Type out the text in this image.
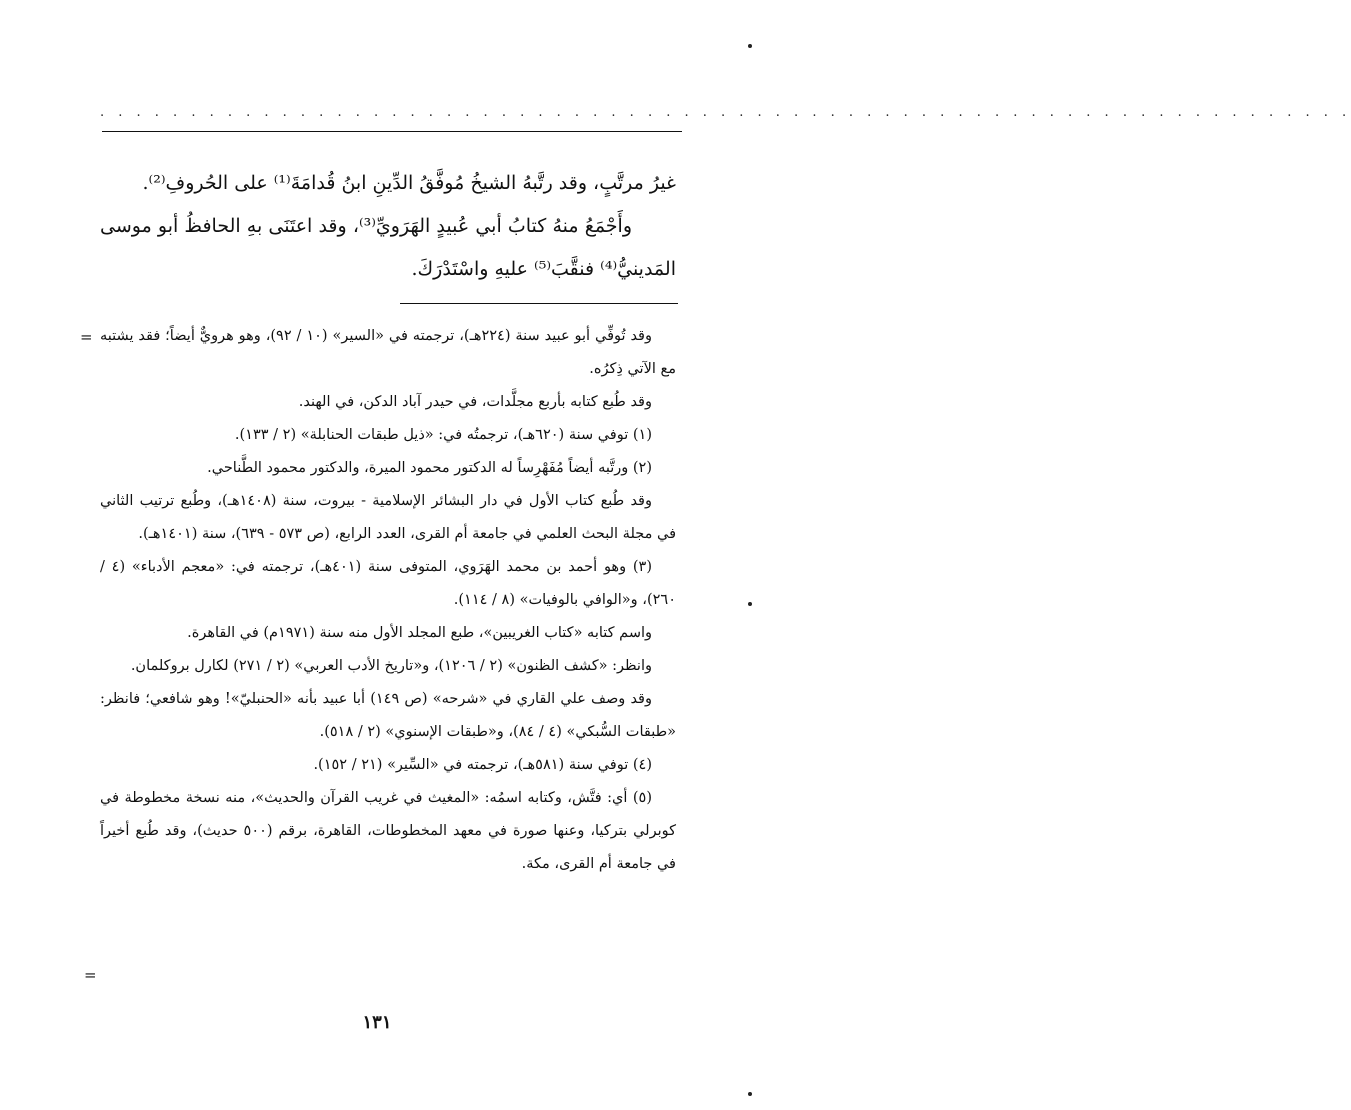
. . . . . . . . . . . . . . . . . . . . . . . . . . . . . . . . . . . . . . . . . . . . . . . . . . . . . . . . . . . . . . . . . . . . .

غيرُ مرتَّبٍ، وقد رتَّبهُ الشيخُ مُوفَّقُ الدِّينِ ابنُ قُدامَةَ⁽¹⁾ على الحُروفِ⁽²⁾.

وأَجْمَعُ منهُ كتابُ أبي عُبيدٍ الهَرَويِّ⁽³⁾، وقد اعتَنَى بهِ الحافظُ أبو موسى المَدينيُّ⁽⁴⁾ فنقَّبَ⁽⁵⁾ عليهِ واسْتَدْرَكَ.

=
=

وقد تُوفِّي أبو عبيد سنة (٢٢٤هـ)، ترجمته في «السير» (١٠ / ٩٢)، وهو هرويٌّ أيضاً؛ فقد يشتبه مع الآتي ذِكرُه.

وقد طُبع كتابه بأربع مجلَّدات، في حيدر آباد الدكن، في الهند.

(١) توفي سنة (٦٢٠هـ)، ترجمتُه في: «ذيل طبقات الحنابلة» (٢ / ١٣٣).

(٢) ورتَّبه أيضاً مُفَهْرِساً له الدكتور محمود الميرة، والدكتور محمود الطَّناحي.

وقد طُبع كتاب الأول في دار البشائر الإسلامية - بيروت، سنة (١٤٠٨هـ)، وطُبع ترتيب الثاني في مجلة البحث العلمي في جامعة أم القرى، العدد الرابع، (ص ٥٧٣ - ٦٣٩)، سنة (١٤٠١هـ).

(٣) وهو أحمد بن محمد الهَرَوي، المتوفى سنة (٤٠١هـ)، ترجمته في: «معجم الأدباء» (٤ / ٢٦٠)، و«الوافي بالوفيات» (٨ / ١١٤).

واسم كتابه «كتاب الغريبين»، طبع المجلد الأول منه سنة (١٩٧١م) في القاهرة.

وانظر: «كشف الظنون» (٢ / ١٢٠٦)، و«تاريخ الأدب العربي» (٢ / ٢٧١) لكارل بروكلمان.

وقد وصف علي القاري في «شرحه» (ص ١٤٩) أبا عبيد بأنه «الحنبليّ»! وهو شافعي؛ فانظر: «طبقات السُّبكي» (٤ / ٨٤)، و«طبقات الإسنوي» (٢ / ٥١٨).

(٤) توفي سنة (٥٨١هـ)، ترجمته في «السِّير» (٢١ / ١٥٢).

(٥) أي: فتَّش، وكتابه اسمُه: «المغيث في غريب القرآن والحديث»، منه نسخة مخطوطة في كوبرلي بتركيا، وعنها صورة في معهد المخطوطات، القاهرة، برقم (٥٠٠ حديث)، وقد طُبع أخيراً في جامعة أم القرى، مكة.

١٣١
